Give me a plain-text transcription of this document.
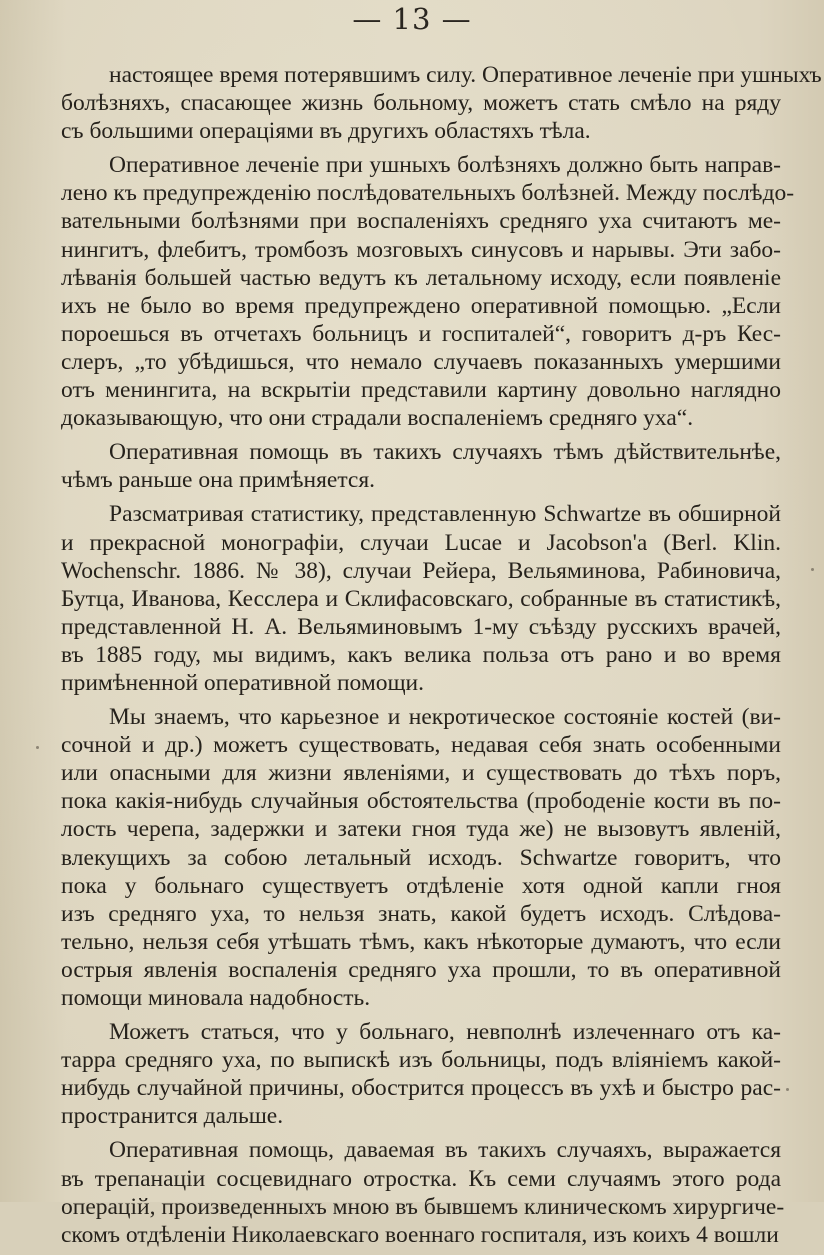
— 13 —
настоящее время потерявшимъ силу. Оперативное леченіе при ушныхъ
болѣзняхъ, спасающее жизнь больному, можетъ стать смѣло на ряду
съ большими операціями въ другихъ областяхъ тѣла.
Оперативное леченіе при ушныхъ болѣзняхъ должно быть направ-
лено къ предупрежденію послѣдовательныхъ болѣзней. Между послѣдо-
вательными болѣзнями при воспаленіяхъ средняго уха считаютъ ме-
нингитъ, флебитъ, тромбозъ мозговыхъ синусовъ и нарывы. Эти забо-
лѣванія большей частью ведутъ къ летальному исходу, если появленіе
ихъ не было во время предупреждено оперативной помощью. „Если
пороешься въ отчетахъ больницъ и госпиталей“, говоритъ д-ръ Кес-
слеръ, „то убѣдишься, что немало случаевъ показанныхъ умершими
отъ менингита, на вскрытіи представили картину довольно наглядно
доказывающую, что они страдали воспаленіемъ средняго уха“.
Оперативная помощь въ такихъ случаяхъ тѣмъ дѣйствительнѣе,
чѣмъ раньше она примѣняется.
Разсматривая статистику, представленную Schwartze въ обширной
и прекрасной монографіи, случаи Lucae и Jacobson'а (Berl. Klin.
Wochenschr. 1886. № 38), случаи Рейера, Вельяминова, Рабиновича,
Бутца, Иванова, Кесслера и Склифасовскаго, собранные въ статистикѣ,
представленной Н. А. Вельяминовымъ 1-му съѣзду русскихъ врачей,
въ 1885 году, мы видимъ, какъ велика польза отъ рано и во время
примѣненной оперативной помощи.
Мы знаемъ, что карьезное и некротическое состояніе костей (ви-
сочной и др.) можетъ существовать, недавая себя знать особенными
или опасными для жизни явленіями, и существовать до тѣхъ поръ,
пока какія-нибудь случайныя обстоятельства (прободеніе кости въ по-
лость черепа, задержки и затеки гноя туда же) не вызовутъ явленій,
влекущихъ за собою летальный исходъ. Schwartze говоритъ, что
пока у больнаго существуетъ отдѣленіе хотя одной капли гноя
изъ средняго уха, то нельзя знать, какой будетъ исходъ. Слѣдова-
тельно, нельзя себя утѣшать тѣмъ, какъ нѣкоторые думаютъ, что если
острыя явленія воспаленія средняго уха прошли, то въ оперативной
помощи миновала надобность.
Можетъ статься, что у больнаго, невполнѣ излеченнаго отъ ка-
тарра средняго уха, по выпискѣ изъ больницы, подъ вліяніемъ какой-
нибудь случайной причины, обострится процессъ въ ухѣ и быстро рас-
пространится дальше.
Оперативная помощь, даваемая въ такихъ случаяхъ, выражается
въ трепанаціи сосцевиднаго отростка. Къ семи случаямъ этого рода
операцій, произведенныхъ мною въ бывшемъ клиническомъ хирургиче-
скомъ отдѣленіи Николаевскаго военнаго госпиталя, изъ коихъ 4 вошли
